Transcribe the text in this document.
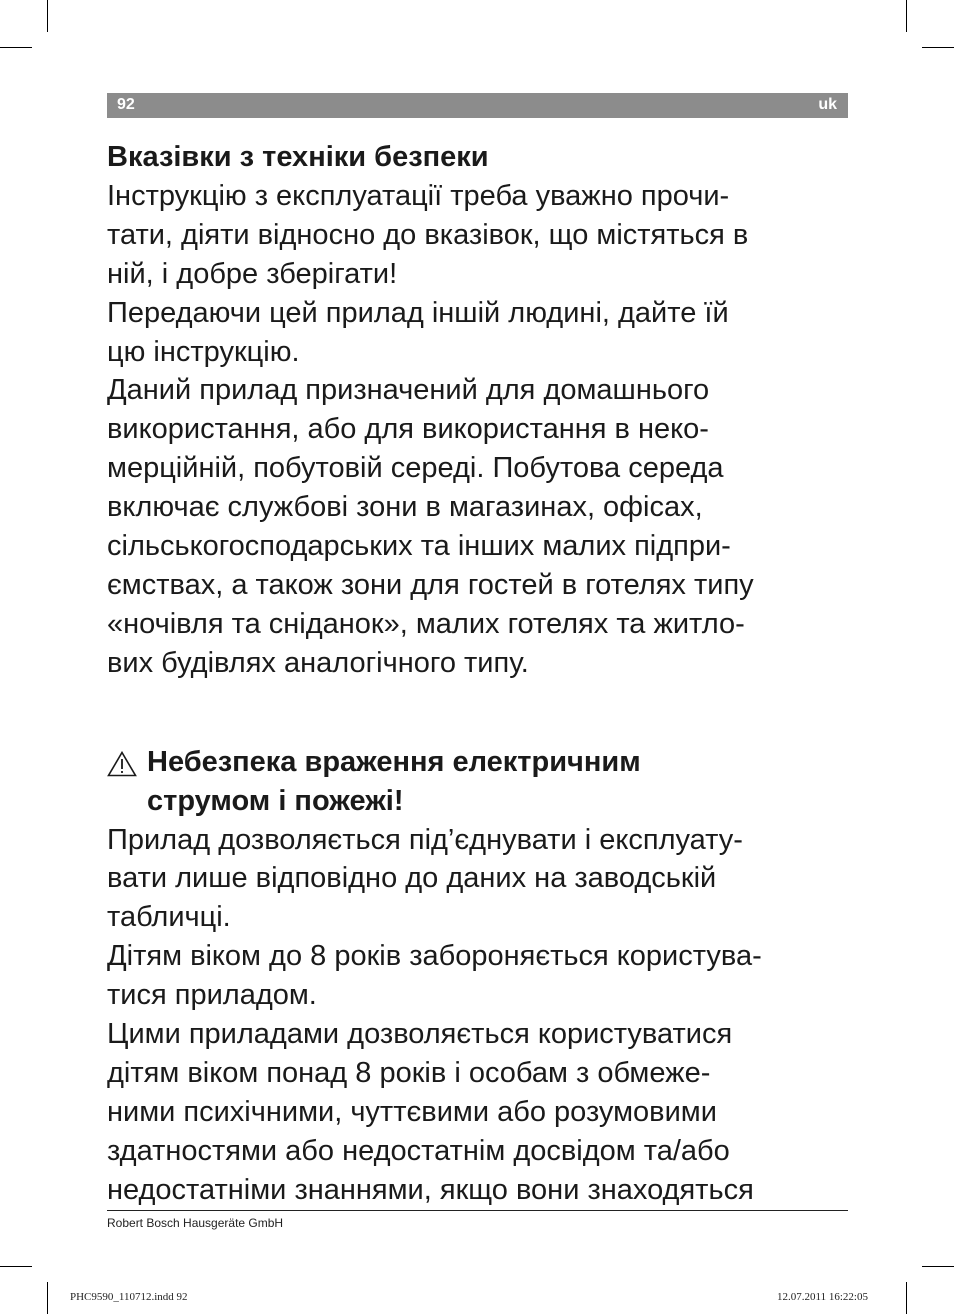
92	uk
Вказівки з техніки безпеки

Інструкцію з експлуатації треба уважно прочи-
тати, діяти відносно до вказівок, що містяться в
ній, і добре зберігати!

Передаючи цей прилад іншій людині, дайте їй
цю інструкцію.

Даний прилад призначений для домашнього
використання, або для використання в неко-
мерційній, побутовій середі. Побутова середа
включає службові зони в магазинах, офісах,
сільськогосподарських та інших малих підпри-
ємствах, а також зони для гостей в готелях типу
«ночівля та сніданок», малих готелях та житло-
вих будівлях аналогічного типу.

Небезпека враження електричним
струмом і пожежі!

Прилад дозволяється під’єднувати і експлуату-
вати лише відповідно до даних на заводській
табличці.

Дітям віком до 8 років забороняється користува-
тися приладом.

Цими приладами дозволяється користуватися
дітям віком понад 8 років і особам з обмеже-
ними психічними, чуттєвими або розумовими
здатностями або недостатнім досвідом та/або
недостатніми знаннями, якщо вони знаходяться

Robert Bosch Hausgeräte GmbH
PHC9590_110712.indd 92	12.07.2011 16:22:05
